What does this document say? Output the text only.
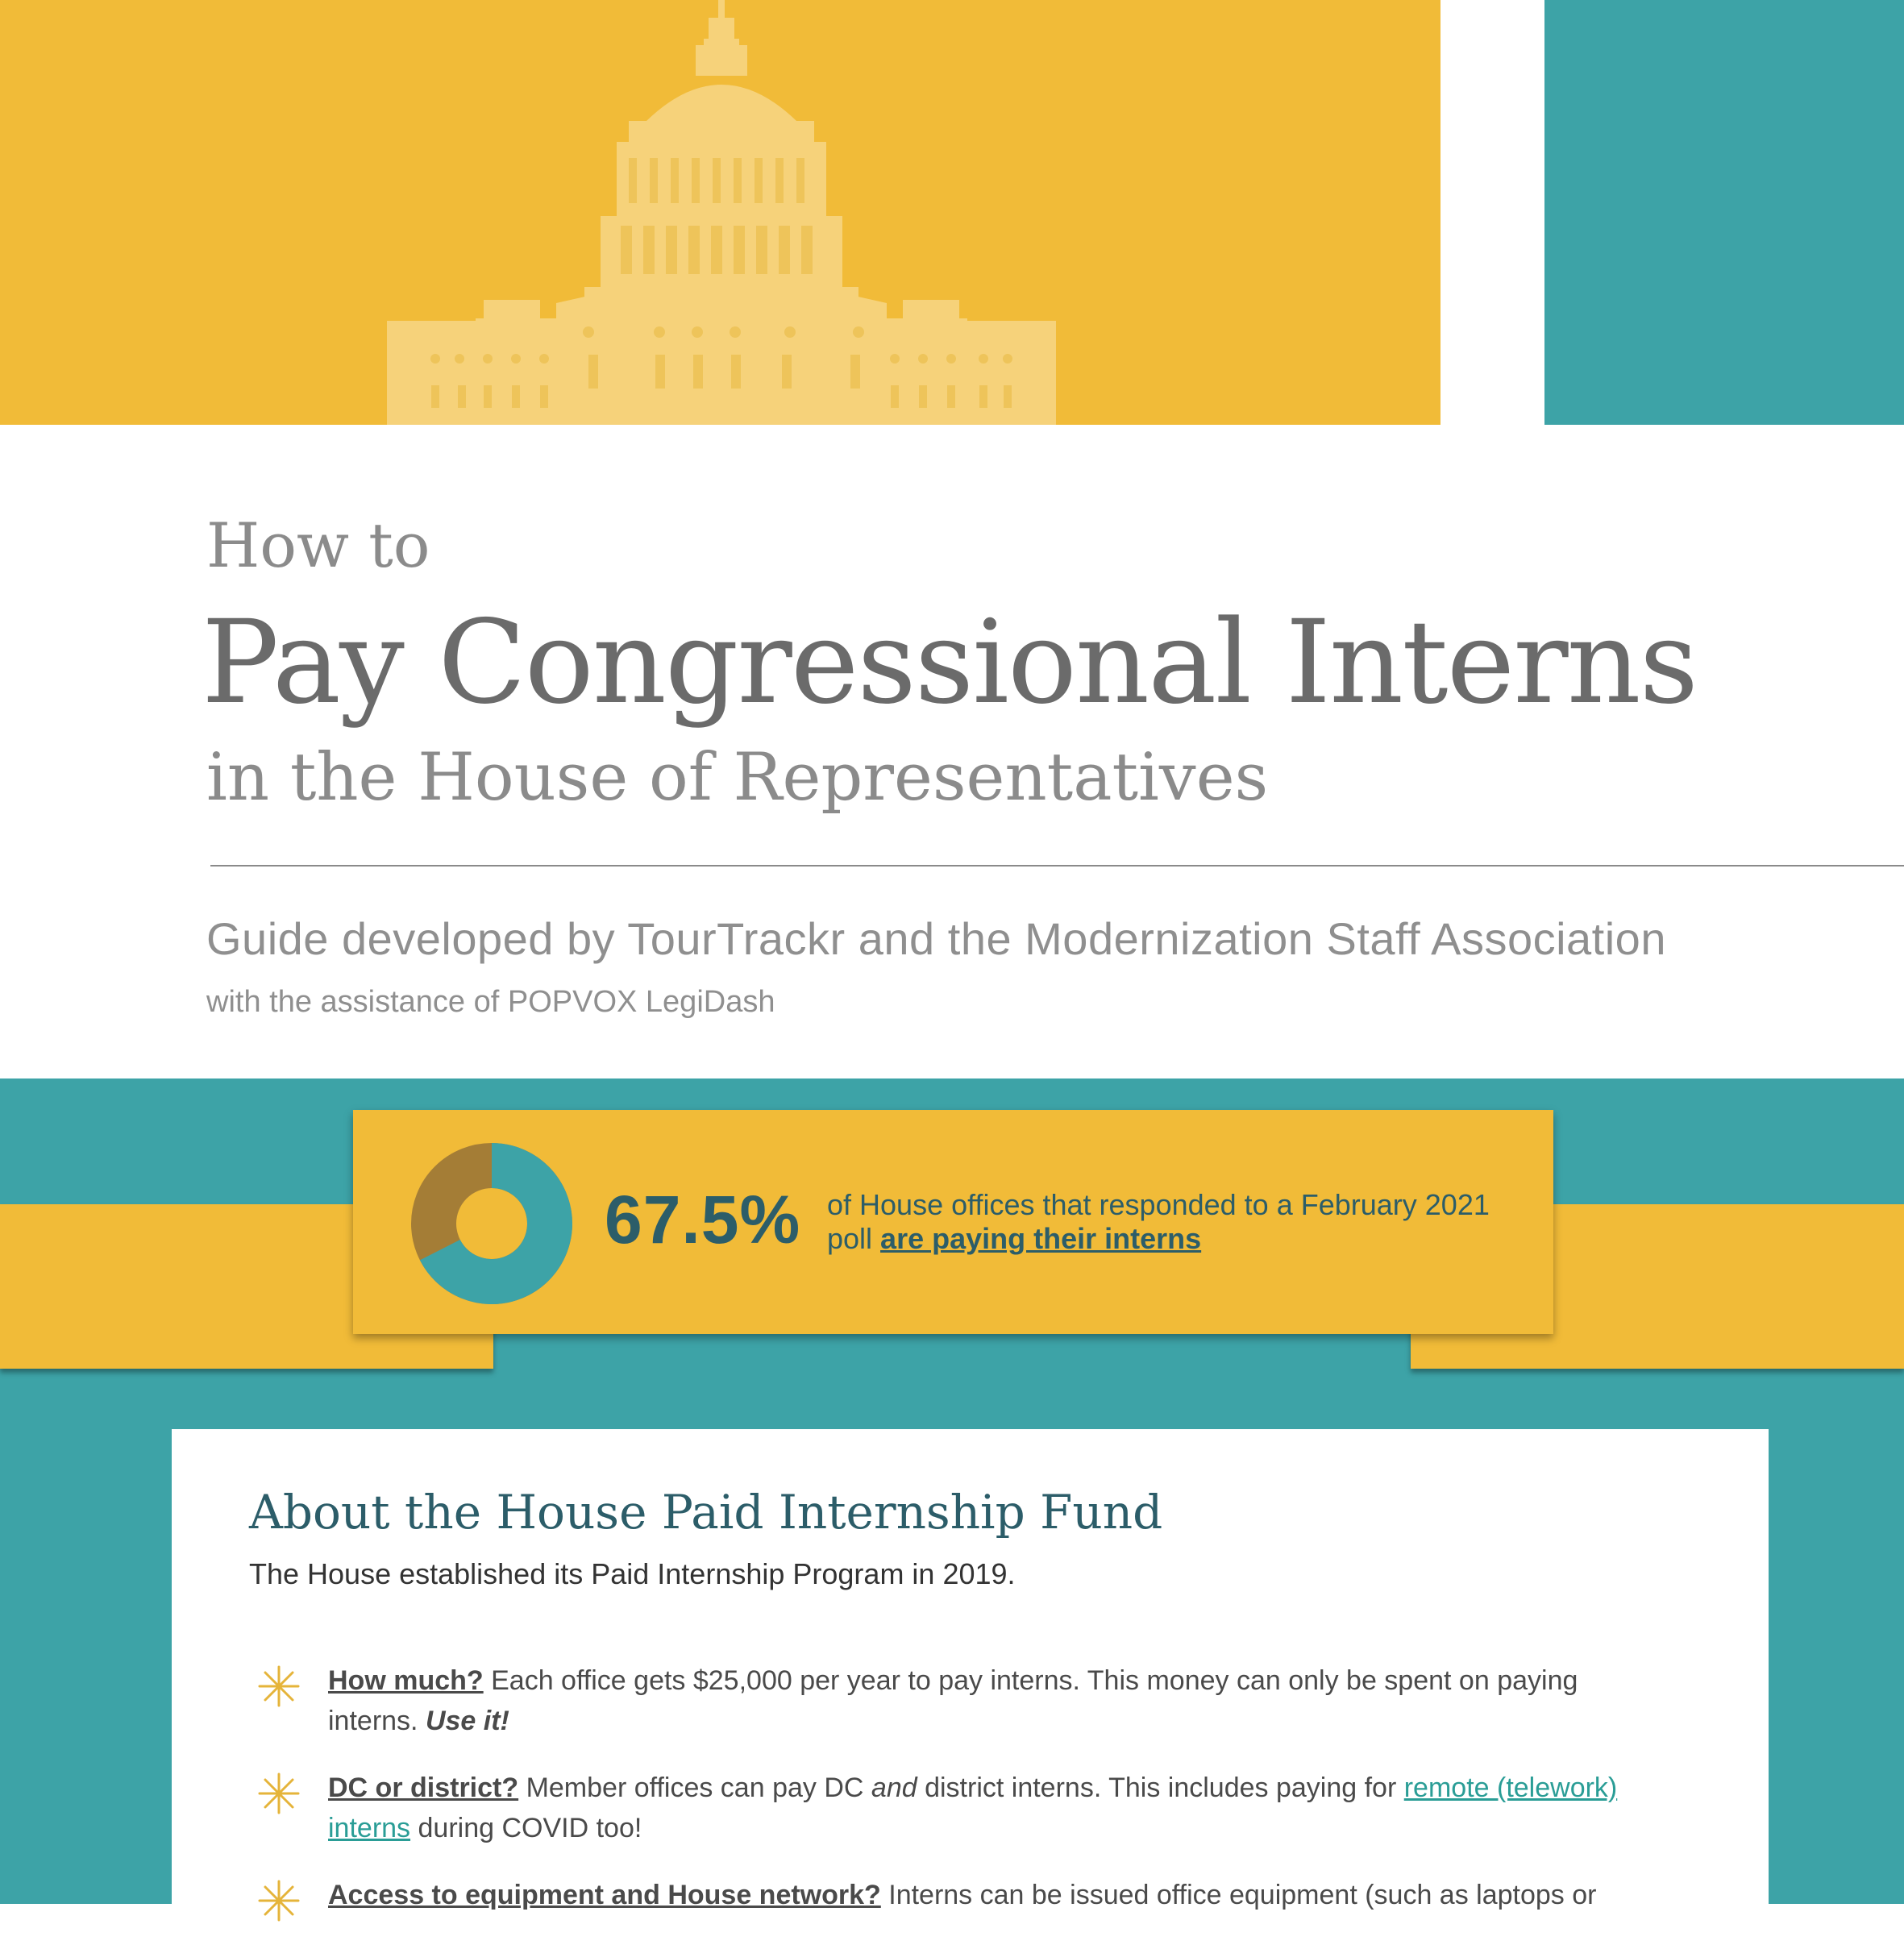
How to
Pay Congressional Interns
in the House of Representatives
Guide developed by TourTrackr and the Modernization Staff Association
with the assistance of POPVOX LegiDash
67.5% of House offices that responded to a February 2021 poll are paying their interns
About the House Paid Internship Fund
The House established its Paid Internship Program in 2019.
How much? Each office gets $25,000 per year to pay interns. This money can only be spent on paying interns. Use it!
DC or district? Member offices can pay DC and district interns. This includes paying for remote (telework) interns during COVID too!
Access to equipment and House network? Interns can be issued office equipment (such as laptops or
